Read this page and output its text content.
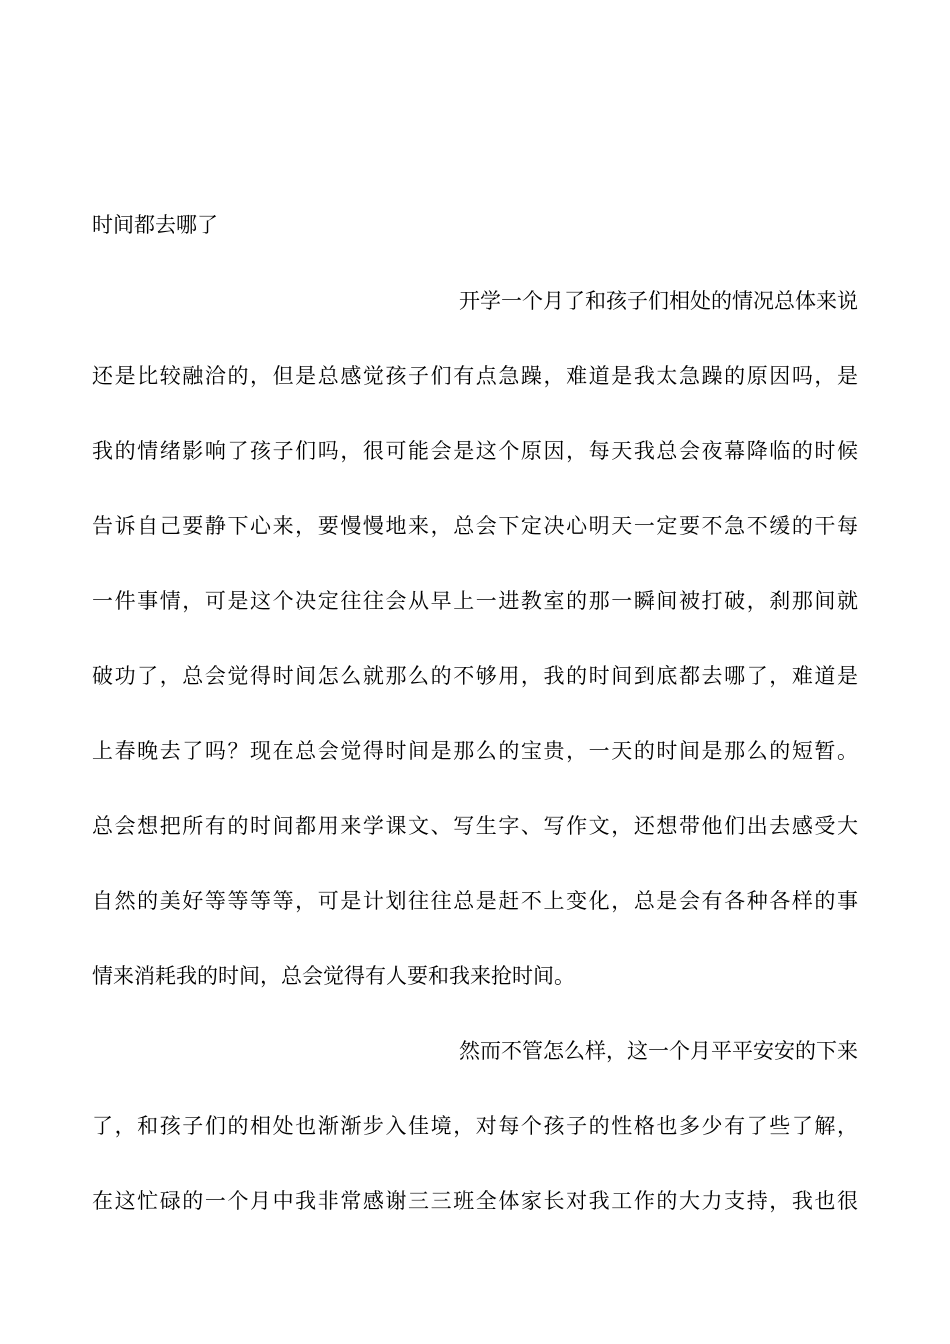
时间都去哪了

开学一个月了和孩子们相处的情况总体来说

还是比较融洽的，但是总感觉孩子们有点急躁，难道是我太急躁的原因吗，是

我的情绪影响了孩子们吗，很可能会是这个原因，每天我总会夜幕降临的时候

告诉自己要静下心来，要慢慢地来，总会下定决心明天一定要不急不缓的干每

一件事情，可是这个决定往往会从早上一进教室的那一瞬间被打破，刹那间就

破功了，总会觉得时间怎么就那么的不够用，我的时间到底都去哪了，难道是

上春晚去了吗？现在总会觉得时间是那么的宝贵，一天的时间是那么的短暂。

总会想把所有的时间都用来学课文、写生字、写作文，还想带他们出去感受大

自然的美好等等等等，可是计划往往总是赶不上变化，总是会有各种各样的事

情来消耗我的时间，总会觉得有人要和我来抢时间。

然而不管怎么样，这一个月平平安安的下来

了，和孩子们的相处也渐渐步入佳境，对每个孩子的性格也多少有了些了解，

在这忙碌的一个月中我非常感谢三三班全体家长对我工作的大力支持，我也很
